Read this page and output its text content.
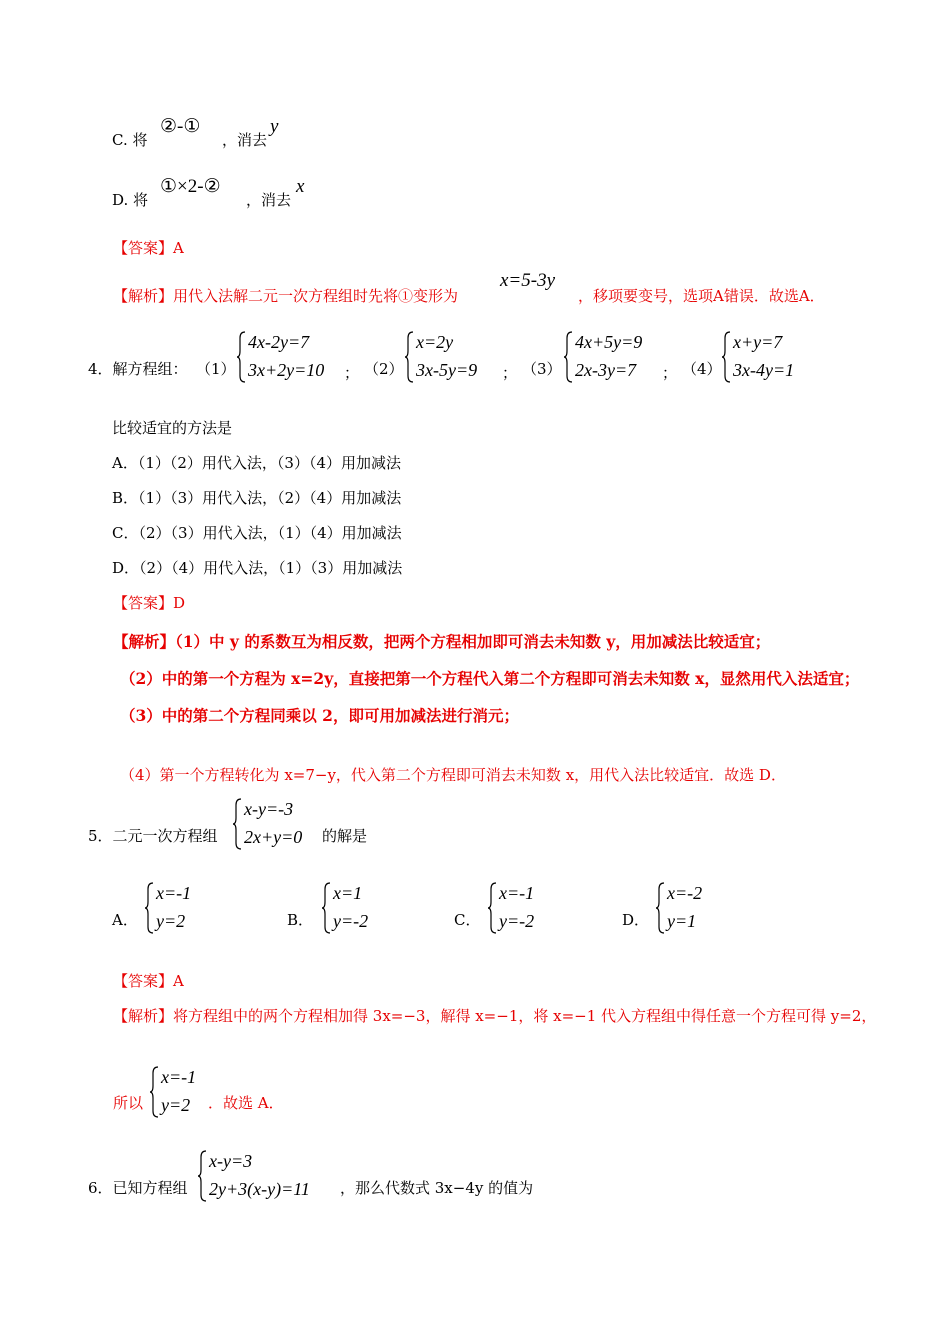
C. 将
②-①
，消去
y
D. 将
①×2-②
，消去
x
【答案】A
【解析】用代入法解二元一次方程组时先将①变形为
x=5-3y
，移项要变号，选项A错误．故选A．
4．解方程组： （1）
4x-2y=7
3x+2y=10 ； （2）
x=2y
3x-5y=9 ； （3）
4x+5y=9
2x-3y=7 ； （4）
x+y=7
3x-4y=1
比较适宜的方法是
A．（1）（2）用代入法，（3）（4）用加减法
B．（1）（3）用代入法，（2）（4）用加减法
C．（2）（3）用代入法，（1）（4）用加减法
D．（2）（4）用代入法，（1）（3）用加减法
【答案】D
【解析】（1）中 y 的系数互为相反数，把两个方程相加即可消去未知数 y，用加减法比较适宜；
（2）中的第一个方程为 x=2y，直接把第一个方程代入第二个方程即可消去未知数 x，显然用代入法适宜；
（3）中的第二个方程同乘以 2，即可用加减法进行消元；
（4）第一个方程转化为 x=7−y，代入第二个方程即可消去未知数 x，用代入法比较适宜．故选 D．
5．二元一次方程组
x-y=-3
2x+y=0 的解是
A．
x=-1
y=2	B．
x=1
y=-2	C．
x=-1
y=-2	D．
x=-2
y=1
【答案】A
【解析】将方程组中的两个方程相加得 3x=−3，解得 x=−1，将 x=−1 代入方程组中得任意一个方程可得 y=2，
所以
x=-1
y=2 ．故选 A．
6．已知方程组
x-y=3
2y+3(x-y)=11 ，那么代数式 3x−4y 的值为
